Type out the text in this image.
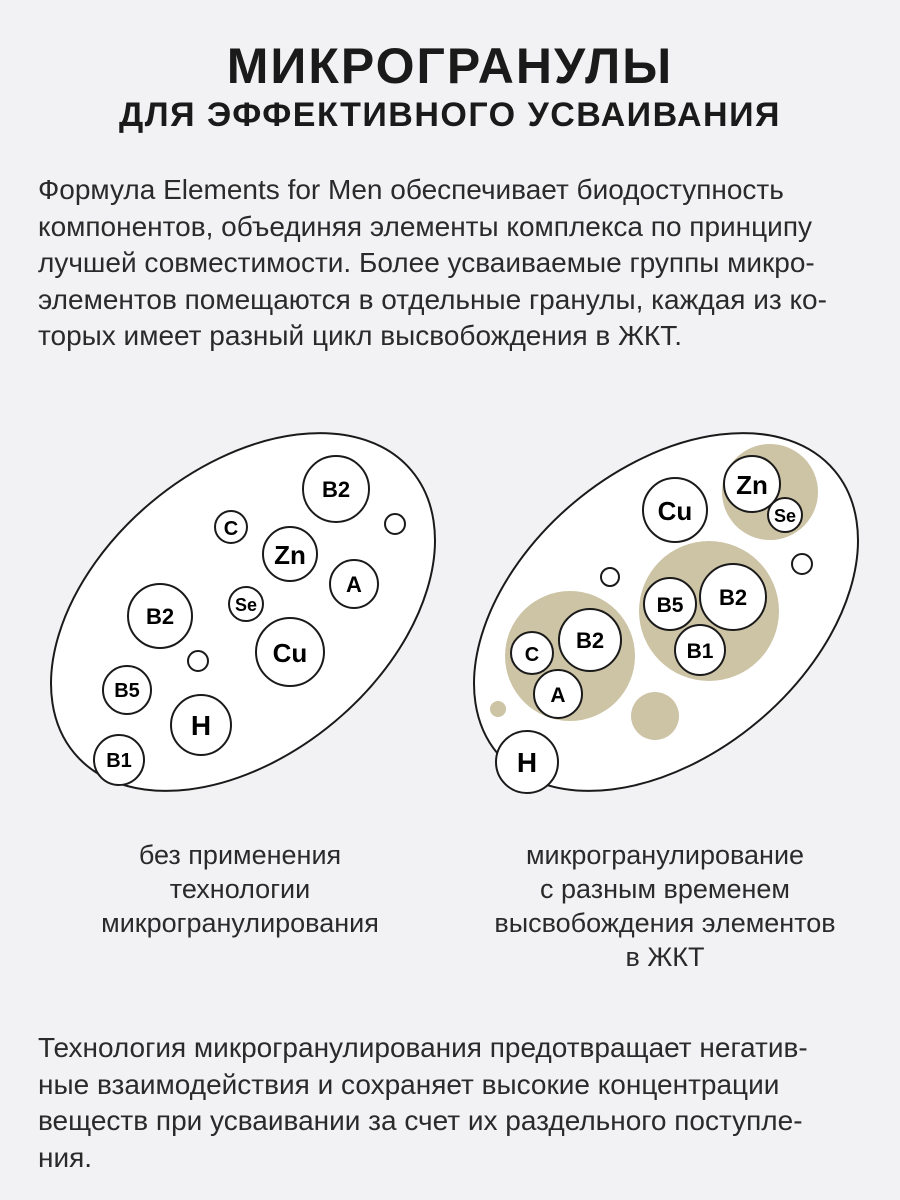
МИКРОГРАНУЛЫ
ДЛЯ ЭФФЕКТИВНОГО УСВАИВАНИЯ
Формула Elements for Men обеспечивает биодоступность
компонентов, объединяя элементы комплекса по принципу
лучшей совместимости. Более усваиваемые группы микро-
элементов помещаются в отдельные гранулы, каждая из ко-
торых имеет разный цикл высвобождения в ЖКТ.
B2
C
Zn
A
Se
B2
Cu
B5
H
B1
Zn
Se
Cu
B5 B2
B1
C
B2
A
H
без применения
технологии
микрогранулирования
микрогранулирование
с разным временем
высвобождения элементов
в ЖКТ
Технология микрогранулирования предотвращает негатив-
ные взаимодействия и сохраняет высокие концентрации
веществ при усваивании за счет их раздельного поступле-
ния.
